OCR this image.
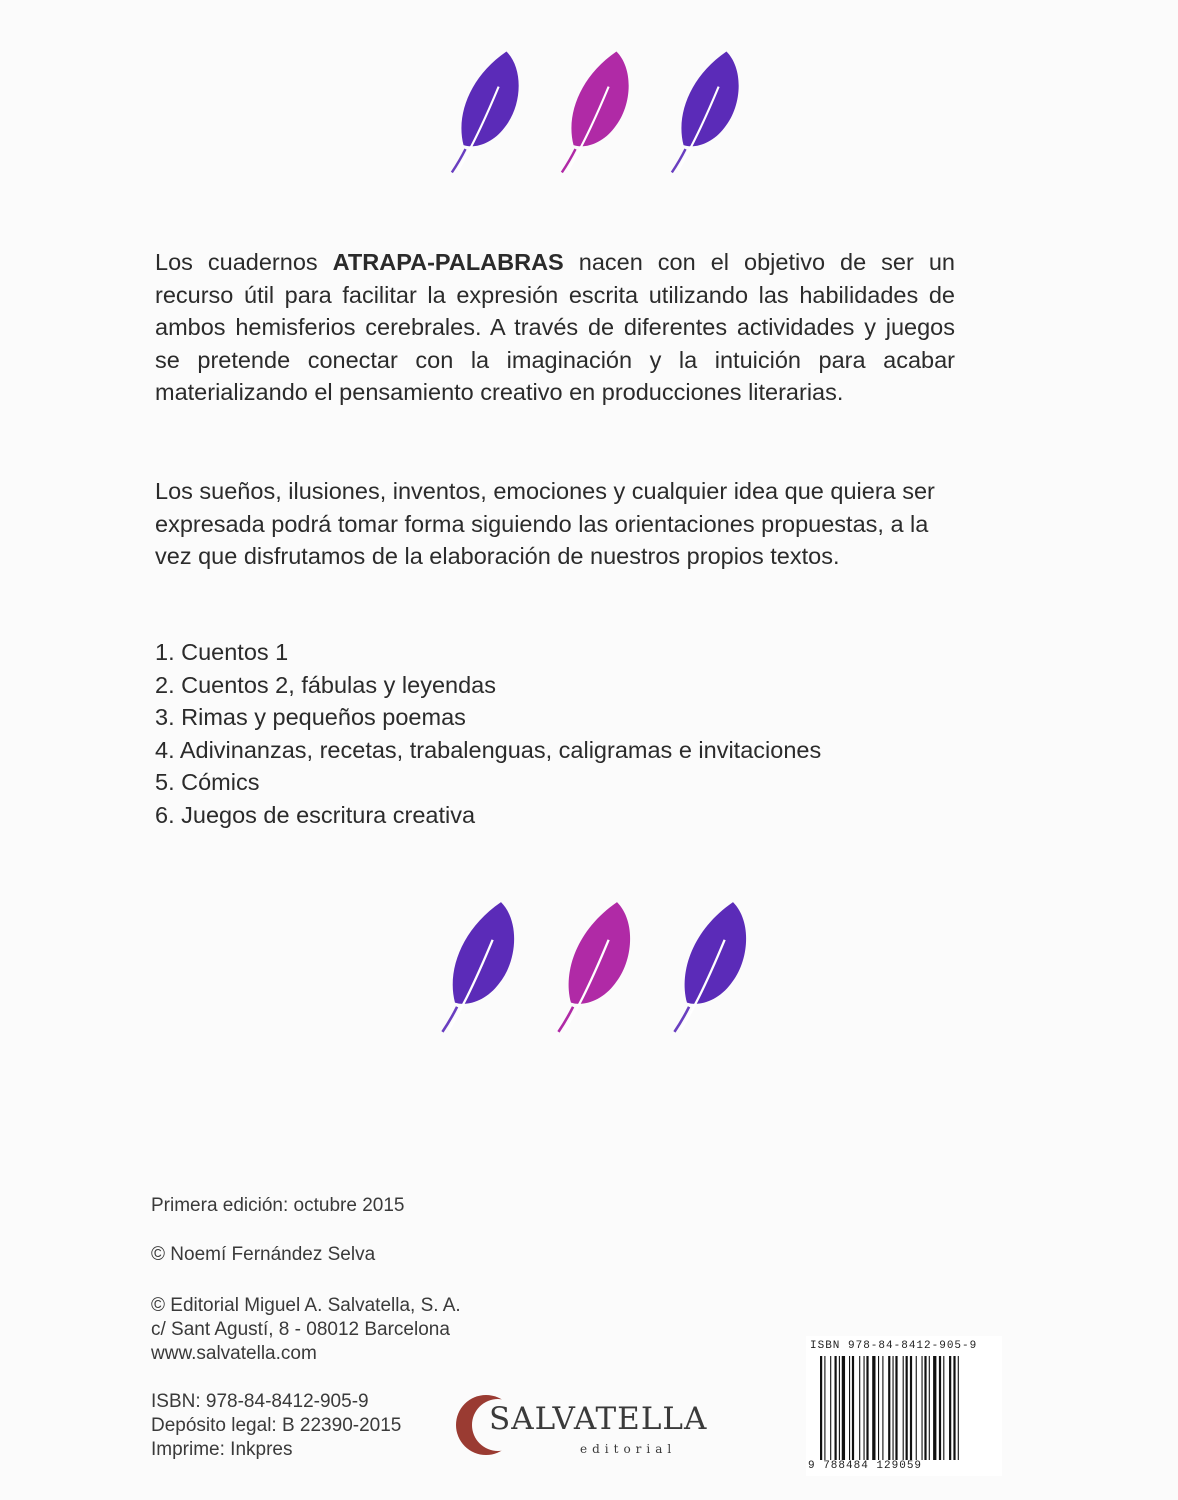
Los cuadernos ATRAPA-PALABRAS nacen con el objetivo de ser un recurso útil para facilitar la expresión escrita utilizando las habilidades de ambos hemisferios cerebrales. A través de diferentes actividades y juegos se pretende conectar con la imaginación y la intuición para acabar materializando el pensamiento creativo en producciones literarias.

Los sueños, ilusiones, inventos, emociones y cualquier idea que quiera ser expresada podrá tomar forma siguiendo las orientaciones propuestas, a la vez que disfrutamos de la elaboración de nuestros propios textos.

1. Cuentos 1
2. Cuentos 2, fábulas y leyendas
3. Rimas y pequeños poemas
4. Adivinanzas, recetas, trabalenguas, caligramas e invitaciones
5. Cómics
6. Juegos de escritura creativa
Primera edición: octubre 2015
© Noemí Fernández Selva
© Editorial Miguel A. Salvatella, S. A.
c/ Sant Agustí, 8 - 08012 Barcelona
www.salvatella.com
ISBN: 978-84-8412-905-9
Depósito legal: B 22390-2015
Imprime: Inkpres
SALVATELLA
editorial
ISBN 978-84-8412-905-9
9 788484 129059
